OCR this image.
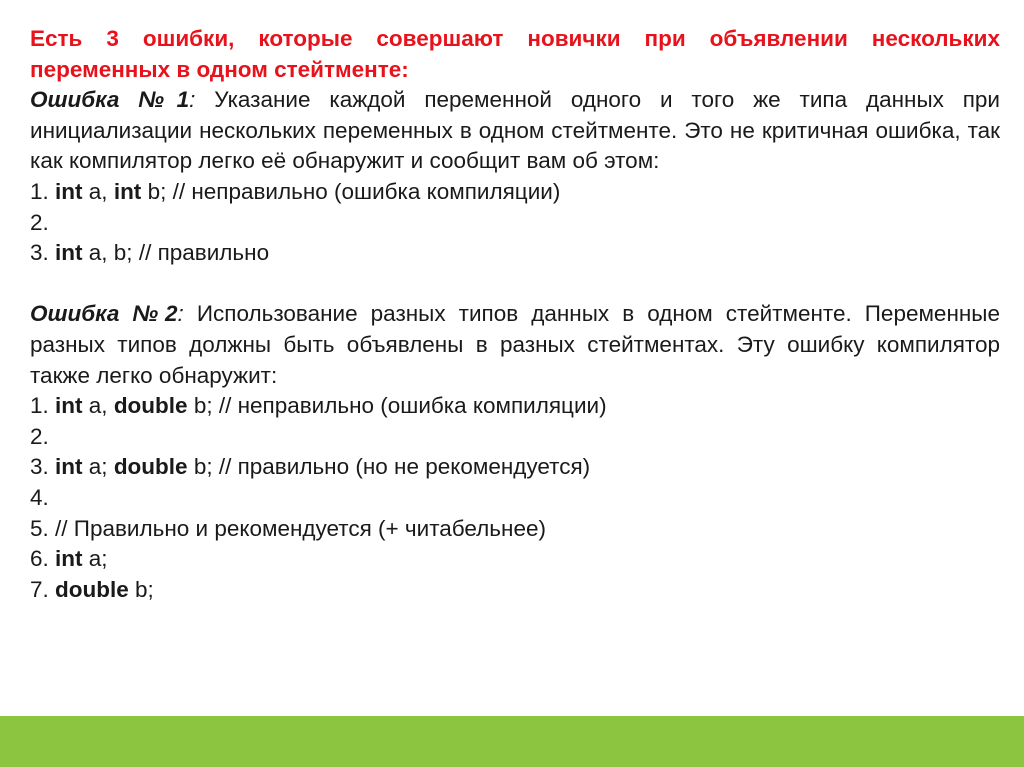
Есть 3 ошибки, которые совершают новички при объявлении нескольких переменных в одном стейтменте:
Ошибка №1: Указание каждой переменной одного и того же типа данных при инициализации нескольких переменных в одном стейтменте. Это не критичная ошибка, так как компилятор легко её обнаружит и сообщит вам об этом:
1. int a, int b; // неправильно (ошибка компиляции)
2.
3. int a, b; // правильно
Ошибка №2: Использование разных типов данных в одном стейтменте. Переменные разных типов должны быть объявлены в разных стейтментах. Эту ошибку компилятор также легко обнаружит:
1. int a, double b; // неправильно (ошибка компиляции)
2.
3. int a; double b; // правильно (но не рекомендуется)
4.
5. // Правильно и рекомендуется (+ читабельнее)
6. int a;
7. double b;
